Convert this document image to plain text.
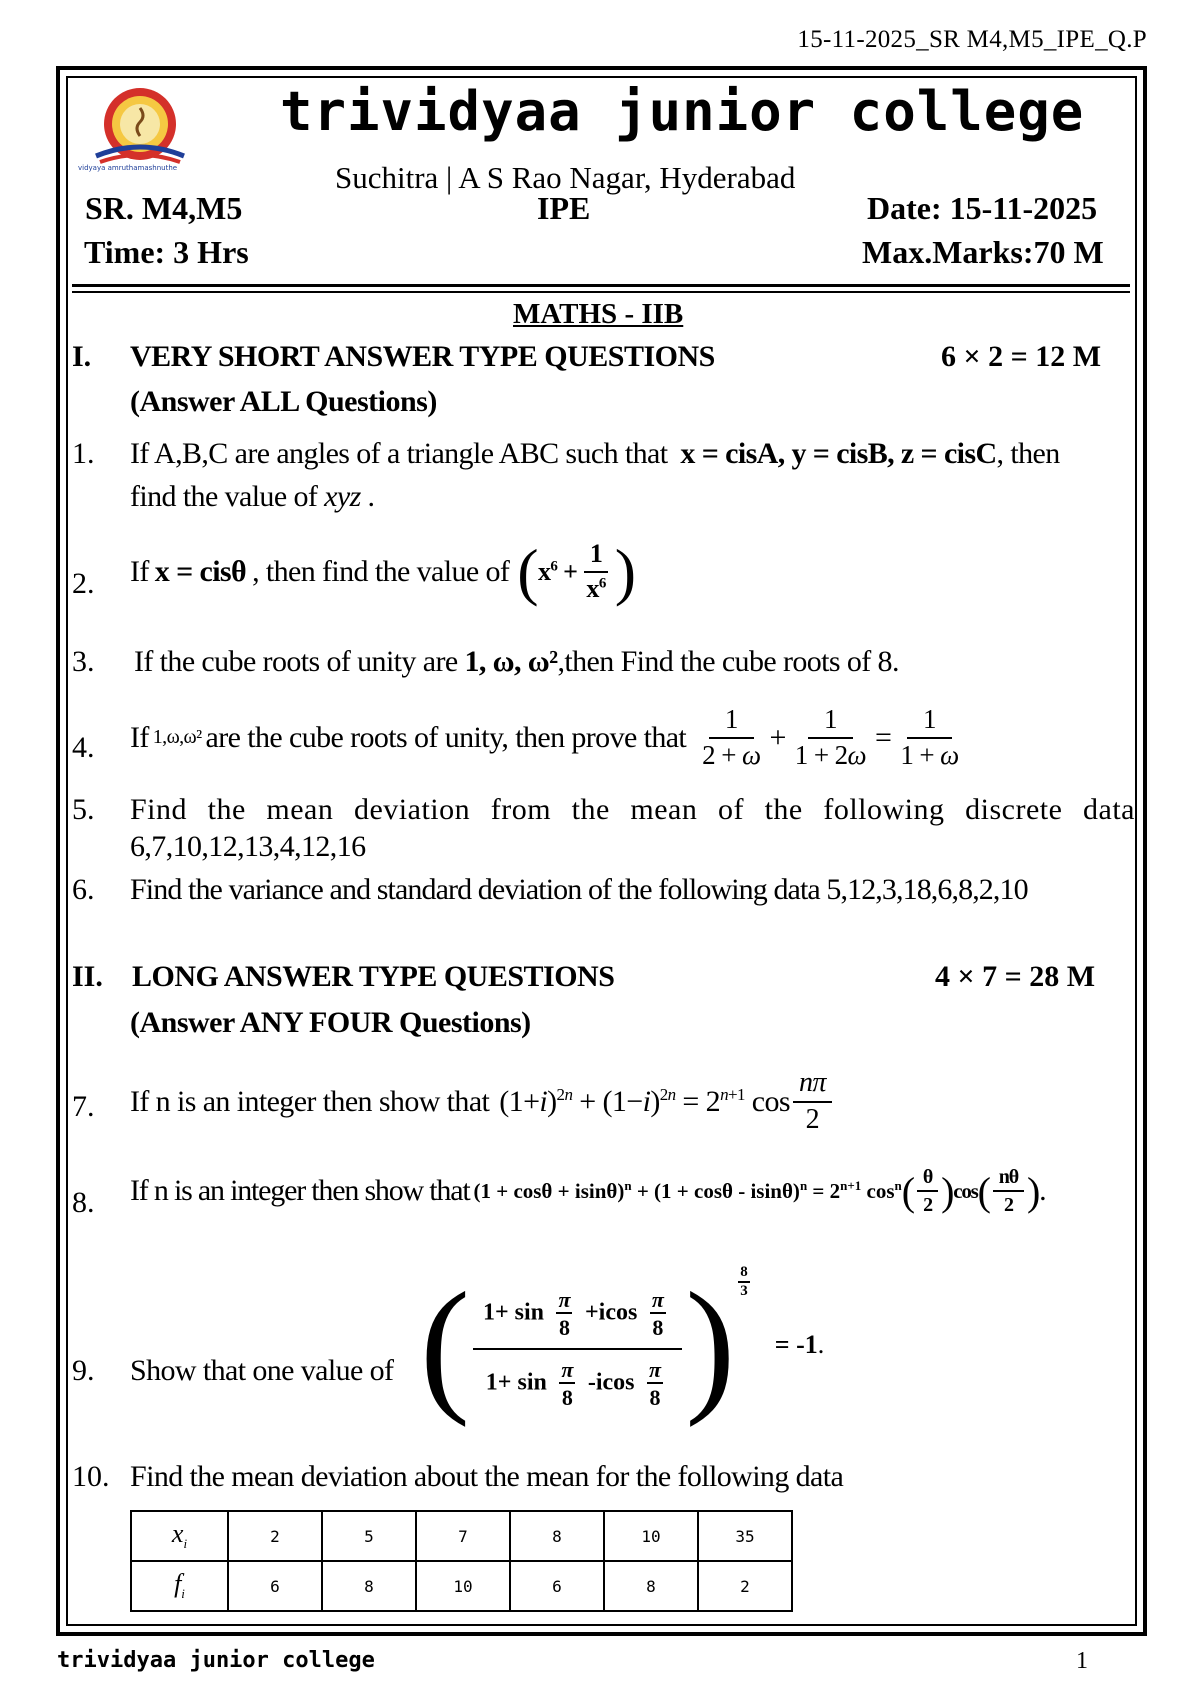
15-11-2025_SR M4,M5_IPE_Q.P
vidyaya amruthamashnuthe
trividyaa junior college
Suchitra | A S Rao Nagar, Hyderabad
SR. M4,M5	IPE	Date: 15-11-2025
Time: 3 Hrs	Max.Marks:70 M
MATHS - IIB
I. VERY SHORT ANSWER TYPE QUESTIONS	6 × 2 = 12 M
(Answer ALL Questions)
1. If A,B,C are angles of a triangle ABC such that x = cisA, y = cisB, z = cisC, then
find the value of xyz .
2. If x = cisθ , then find the value of ( $x^6 + \frac{1}{x^6}$ )
3. If the cube roots of unity are 1, ω, ω²,then Find the cube roots of 8.
4. If 1,ω,ω² are the cube roots of unity, then prove that $\frac{1}{2 + \omega} + \frac{1}{1 + 2\omega} = \frac{1}{1 + \omega}$
5. Find the mean deviation from the mean of the following discrete data
6,7,10,12,13,4,12,16
6. Find the variance and standard deviation of the following data 5,12,3,18,6,8,2,10
II. LONG ANSWER TYPE QUESTIONS	4 × 7 = 28 M
(Answer ANY FOUR Questions)
7. If n is an integer then show that $(1+i)^{2n} + (1-i)^{2n} = 2^{n+1}$ $\cos \frac{n\pi}{2}$
8. If n is an integer then show that $(1 + \cos\theta + isin\theta)^n + (1 + \cos\theta - isin\theta)^n = 2^{n+1}$ $\cos^n$ ( $\frac{\theta}{2}$ ) cos ( $\frac{n\theta}{2}$ ) .
9. Show that one value of ( $\frac{1+ \sin \frac{\pi}{8} +icos \frac{\pi}{8}}{1+ \sin \frac{\pi}{8} -icos \frac{\pi}{8}}$ ) $\frac{8}{3}$
= -1 .
10. Find the mean deviation about the mean for the following data
$x_i$	2	5	7	8	10	35
$f_i$	6	8	10	6	8	2
trividyaa junior college	1
